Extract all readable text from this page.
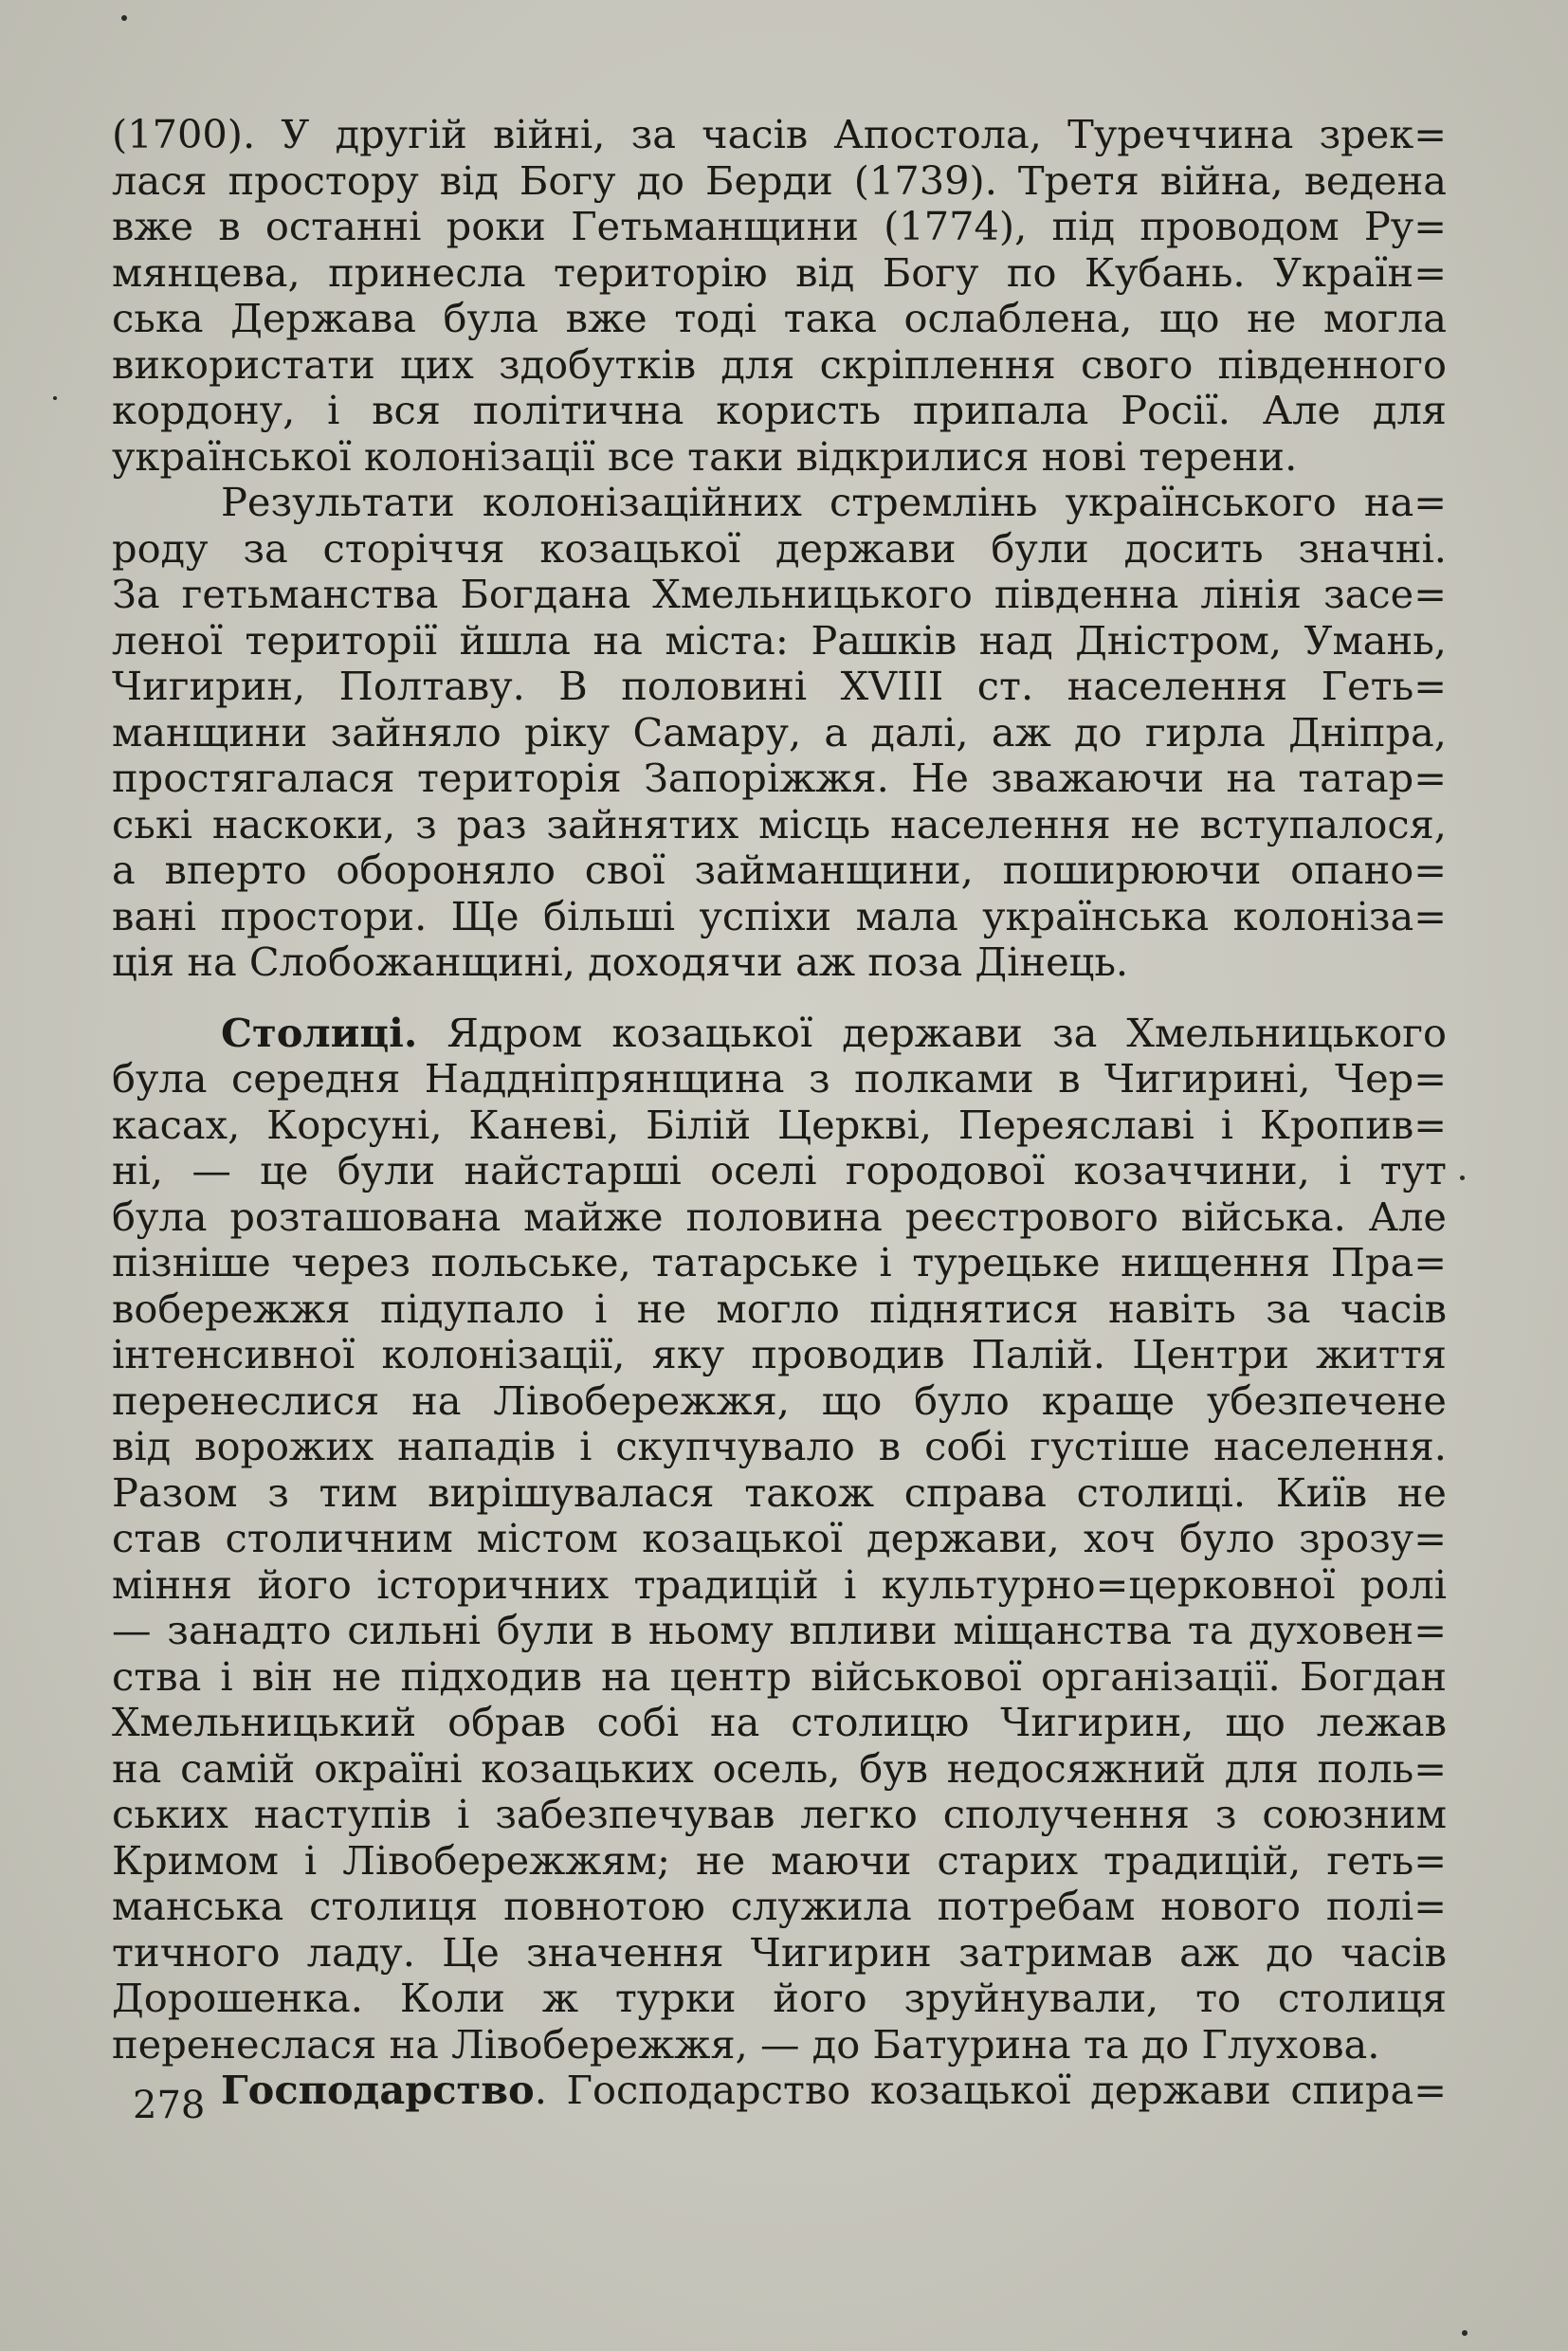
(1700). У другій війні, за часів Апостола, Туреччина зрек=
лася простору від Богу до Берди (1739). Третя війна, ведена
вже в останні роки Гетьманщини (1774), під проводом Ру=
мянцева, принесла територію від Богу по Кубань. Україн=
ська Держава була вже тоді така ослаблена, що не могла
використати цих здобутків для скріплення свого південного
кордону, і вся політична користь припала Росії. Але для
української колонізації все таки відкрилися нові терени.
Результати колонізаційних стремлінь українського на=
роду за сторіччя козацької держави були досить значні.
За гетьманства Богдана Хмельницького південна лінія засе=
леної території йшла на міста: Рашків над Дністром, Умань,
Чигирин, Полтаву. В половині XVIII ст. населення Геть=
манщини зайняло ріку Самару, а далі, аж до гирла Дніпра,
простягалася територія Запоріжжя. Не зважаючи на татар=
ські наскоки, з раз зайнятих місць населення не вступалося,
а вперто обороняло свої займанщини, поширюючи опано=
вані простори. Ще більші успіхи мала українська колоніза=
ція на Слобожанщині, доходячи аж поза Дінець.
Столиці. Ядром козацької держави за Хмельницького
була середня Наддніпрянщина з полками в Чигирині, Чер=
касах, Корсуні, Каневі, Білій Церкві, Переяславі і Кропив=
ні, — це були найстарші оселі городової козаччини, і тут
була розташована майже половина реєстрового війська. Але
пізніше через польське, татарське і турецьке нищення Пра=
вобережжя підупало і не могло піднятися навіть за часів
інтенсивної колонізації, яку проводив Палій. Центри життя
перенеслися на Лівобережжя, що було краще убезпечене
від ворожих нападів і скупчувало в собі густіше населення.
Разом з тим вирішувалася також справа столиці. Київ не
став столичним містом козацької держави, хоч було зрозу=
міння його історичних традицій і культурно=церковної ролі
— занадто сильні були в ньому впливи міщанства та духовен=
ства і він не підходив на центр військової організації. Богдан
Хмельницький обрав собі на столицю Чигирин, що лежав
на самій окраїні козацьких осель, був недосяжний для поль=
ських наступів і забезпечував легко сполучення з союзним
Кримом і Лівобережжям; не маючи старих традицій, геть=
манська столиця повнотою служила потребам нового полі=
тичного ладу. Це значення Чигирин затримав аж до часів
Дорошенка. Коли ж турки його зруйнували, то столиця
перенеслася на Лівобережжя, — до Батурина та до Глухова.
Господарство. Господарство козацької держави спира=
278
